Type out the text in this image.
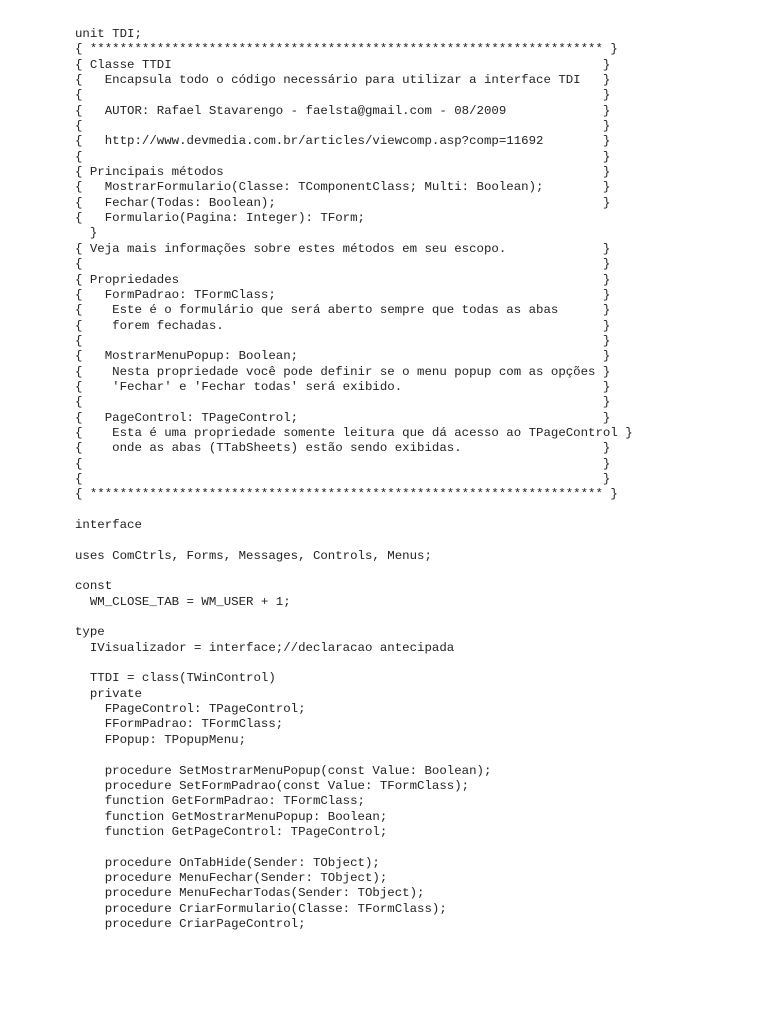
unit TDI;
{ ********************************************************************* }
{ Classe TTDI                                                          }
{   Encapsula todo o código necessário para utilizar a interface TDI   }
{                                                                      }
{   AUTOR: Rafael Stavarengo - faelsta@gmail.com - 08/2009             }
{                                                                      }
{   http://www.devmedia.com.br/articles/viewcomp.asp?comp=11692        }
{                                                                      }
{ Principais métodos                                                   }
{   MostrarFormulario(Classe: TComponentClass; Multi: Boolean);        }
{   Fechar(Todas: Boolean);                                            }
{   Formulario(Pagina: Integer): TForm;
}
{ Veja mais informações sobre estes métodos em seu escopo.             }
{                                                                      }
{ Propriedades                                                         }
{   FormPadrao: TFormClass;                                            }
{    Este é o formulário que será aberto sempre que todas as abas      }
{    forem fechadas.                                                   }
{                                                                      }
{   MostrarMenuPopup: Boolean;                                         }
{    Nesta propriedade você pode definir se o menu popup com as opções }
{    'Fechar' e 'Fechar todas' será exibido.                           }
{                                                                      }
{   PageControl: TPageControl;                                         }
{    Esta é uma propriedade somente leitura que dá acesso ao TPageControl }
{    onde as abas (TTabSheets) estão sendo exibidas.                   }
{                                                                      }
{                                                                      }
{ ********************************************************************* }
interface
uses ComCtrls, Forms, Messages, Controls, Menus;
const
WM_CLOSE_TAB = WM_USER + 1;
type
IVisualizador = interface;//declaracao antecipada
TTDI = class(TWinControl)
private
FPageControl: TPageControl;
FFormPadrao: TFormClass;
FPopup: TPopupMenu;
procedure SetMostrarMenuPopup(const Value: Boolean);
procedure SetFormPadrao(const Value: TFormClass);
function GetFormPadrao: TFormClass;
function GetMostrarMenuPopup: Boolean;
function GetPageControl: TPageControl;
procedure OnTabHide(Sender: TObject);
procedure MenuFechar(Sender: TObject);
procedure MenuFecharTodas(Sender: TObject);
procedure CriarFormulario(Classe: TFormClass);
procedure CriarPageControl;
